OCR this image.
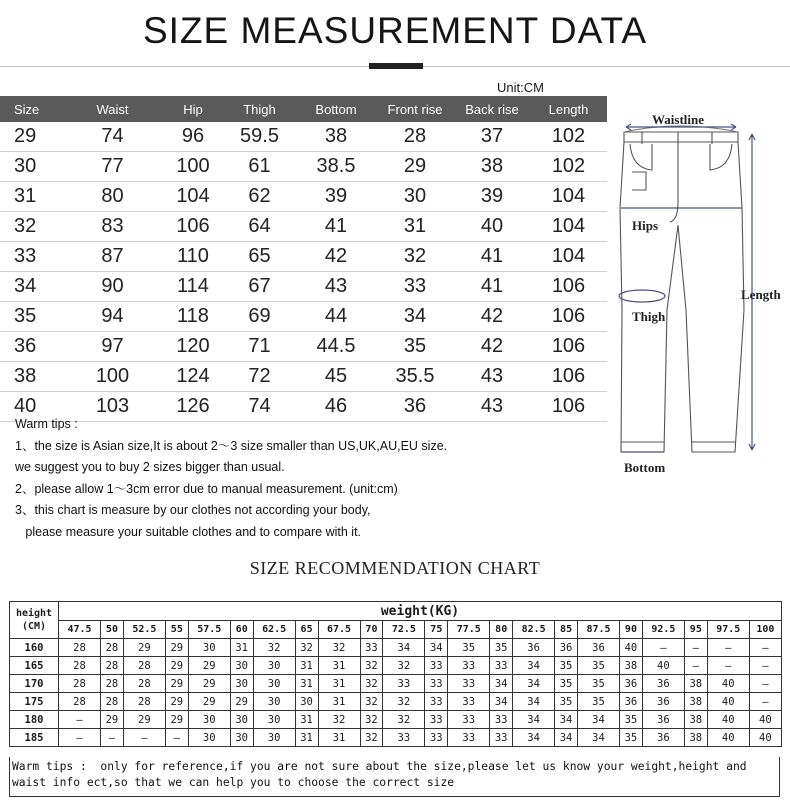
SIZE MEASUREMENT DATA
Unit:CM
Size	Waist	Hip	Thigh	Bottom	Front rise	Back rise	Length
29	74	96	59.5	38	28	37	102
30	77	100	61	38.5	29	38	102
31	80	104	62	39	30	39	104
32	83	106	64	41	31	40	104
33	87	110	65	42	32	41	104
34	90	114	67	43	33	41	106
35	94	118	69	44	34	42	106
36	97	120	71	44.5	35	42	106
38	100	124	72	45	35.5	43	106
40	103	126	74	46	36	43	106
Warm tips :
1、the size is Asian size,It is about 2～3 size smaller than US,UK,AU,EU size.
we suggest you to buy 2 sizes bigger than usual.
2、please allow 1～3cm error due to manual measurement. (unit:cm)
3、this chart is measure by our clothes not according your body,
please measure your suitable clothes and to compare with it.
Waistline
Hips
Thigh
Length
Bottom
SIZE RECOMMENDATION CHART
height
(CM)	weight(KG)																					
	47.5	50	52.5	55	57.5	60	62.5	65	67.5	70	72.5	75	77.5	80	82.5	85	87.5	90	92.5	95	97.5	100
160	28	28	29	29	30	31	32	32	32	33	34	34	35	35	36	36	36	40	—	—	—	—
165	28	28	28	29	29	30	30	31	31	32	32	33	33	33	34	35	35	38	40	—	—	—
170	28	28	28	29	29	30	30	31	31	32	33	33	33	34	34	35	35	36	36	38	40	—
175	28	28	28	29	29	29	30	30	31	32	32	33	33	34	34	35	35	36	36	38	40	—
180	—	29	29	29	30	30	30	31	32	32	32	33	33	33	34	34	34	35	36	38	40	40
185	—	—	—	—	30	30	30	31	31	32	33	33	33	33	34	34	34	35	36	38	40	40
Warm tips :  only for reference,if you are not sure about the size,please let us know your weight,height and
waist info ect,so that we can help you to choose the correct size
